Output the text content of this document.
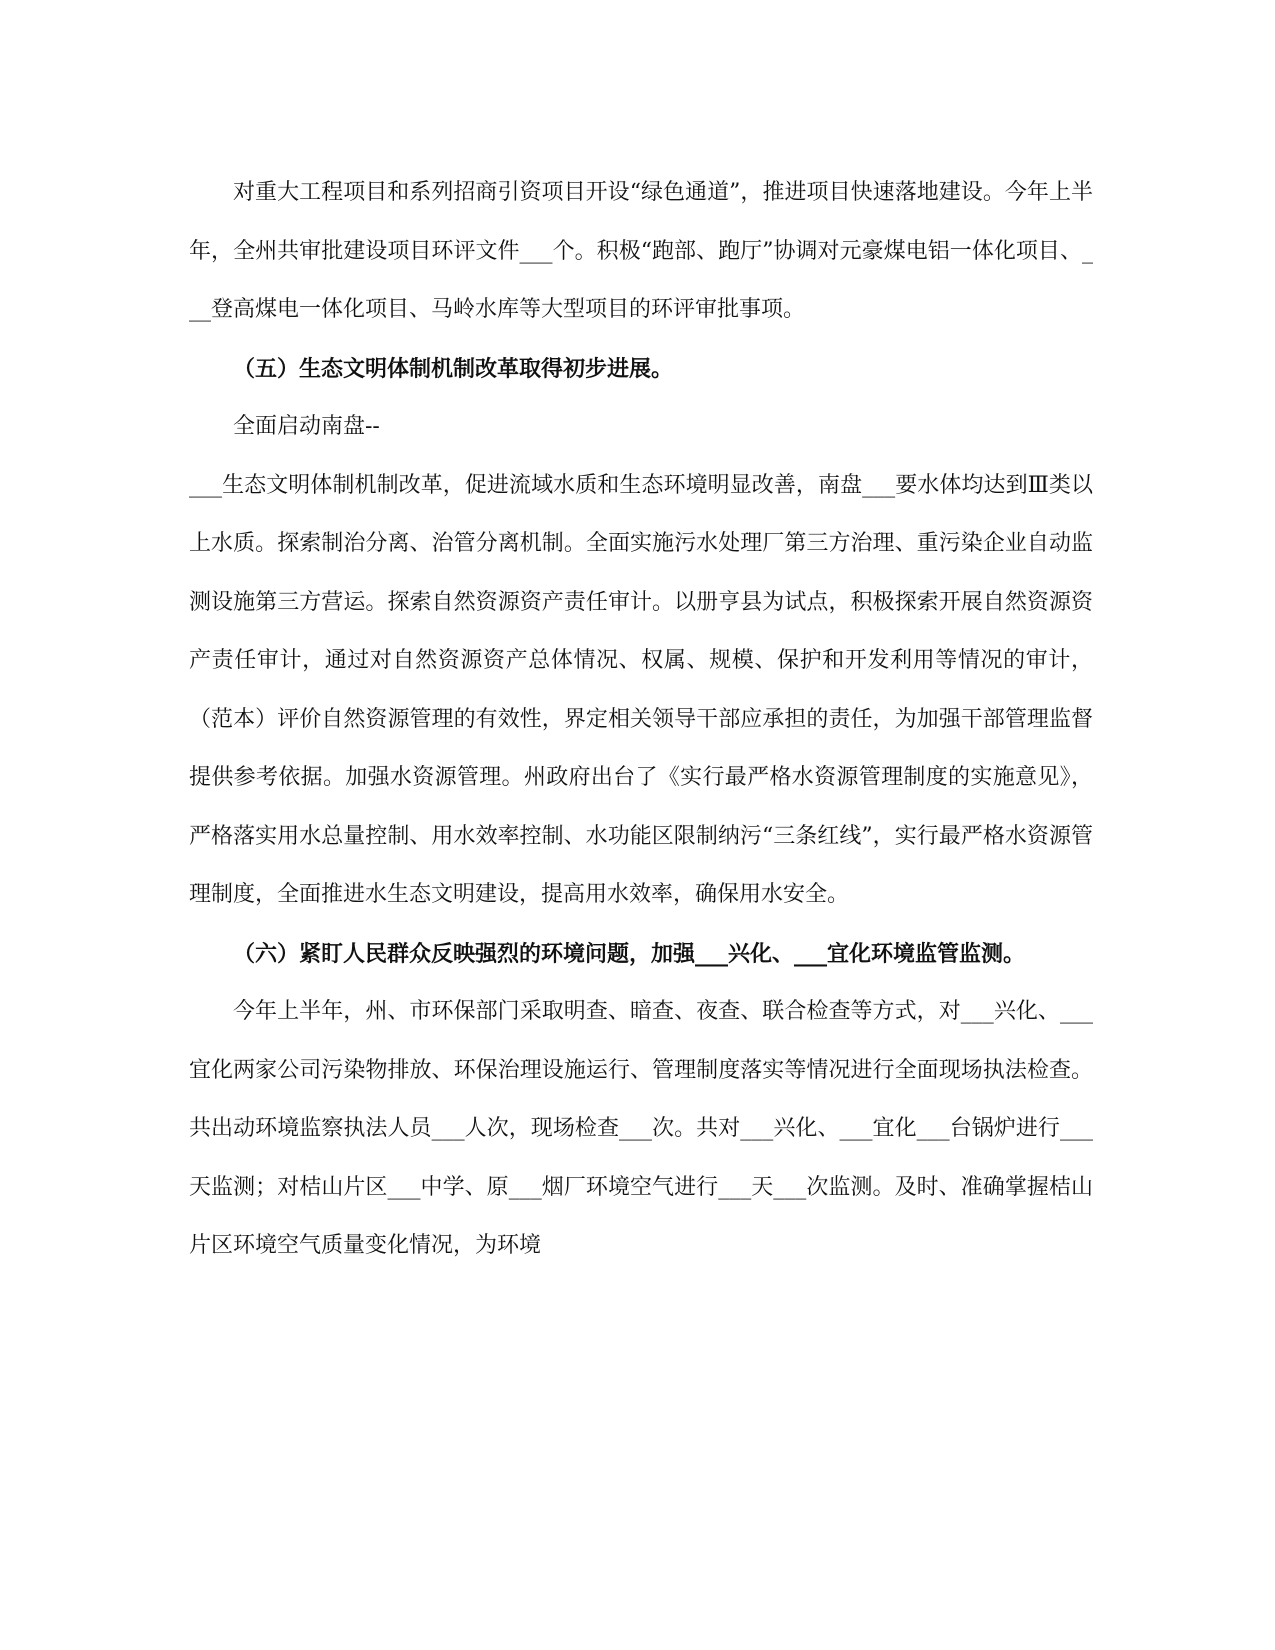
对重大工程项目和系列招商引资项目开设“绿色通道”，推进项目快速落地建设。今年上半年，全州共审批建设项目环评文件___个。积极“跑部、跑厅”协调对元豪煤电铝一体化项目、___登高煤电一体化项目、马岭水库等大型项目的环评审批事项。

（五）生态文明体制机制改革取得初步进展。

全面启动南盘--

___生态文明体制机制改革，促进流域水质和生态环境明显改善，南盘___要水体均达到Ⅲ类以上水质。探索制治分离、治管分离机制。全面实施污水处理厂第三方治理、重污染企业自动监测设施第三方营运。探索自然资源资产责任审计。以册亨县为试点，积极探索开展自然资源资产责任审计，通过对自然资源资产总体情况、权属、规模、保护和开发利用等情况的审计，（范本）评价自然资源管理的有效性，界定相关领导干部应承担的责任，为加强干部管理监督提供参考依据。加强水资源管理。州政府出台了《实行最严格水资源管理制度的实施意见》，严格落实用水总量控制、用水效率控制、水功能区限制纳污“三条红线”，实行最严格水资源管理制度，全面推进水生态文明建设，提高用水效率，确保用水安全。

（六）紧盯人民群众反映强烈的环境问题，加强___兴化、___宜化环境监管监测。

今年上半年，州、市环保部门采取明查、暗查、夜查、联合检查等方式，对___兴化、___宜化两家公司污染物排放、环保治理设施运行、管理制度落实等情况进行全面现场执法检查。共出动环境监察执法人员___人次，现场检查___次。共对___兴化、___宜化___台锅炉进行___天监测；对桔山片区___中学、原___烟厂环境空气进行___天___次监测。及时、准确掌握桔山片区环境空气质量变化情况，为环境
